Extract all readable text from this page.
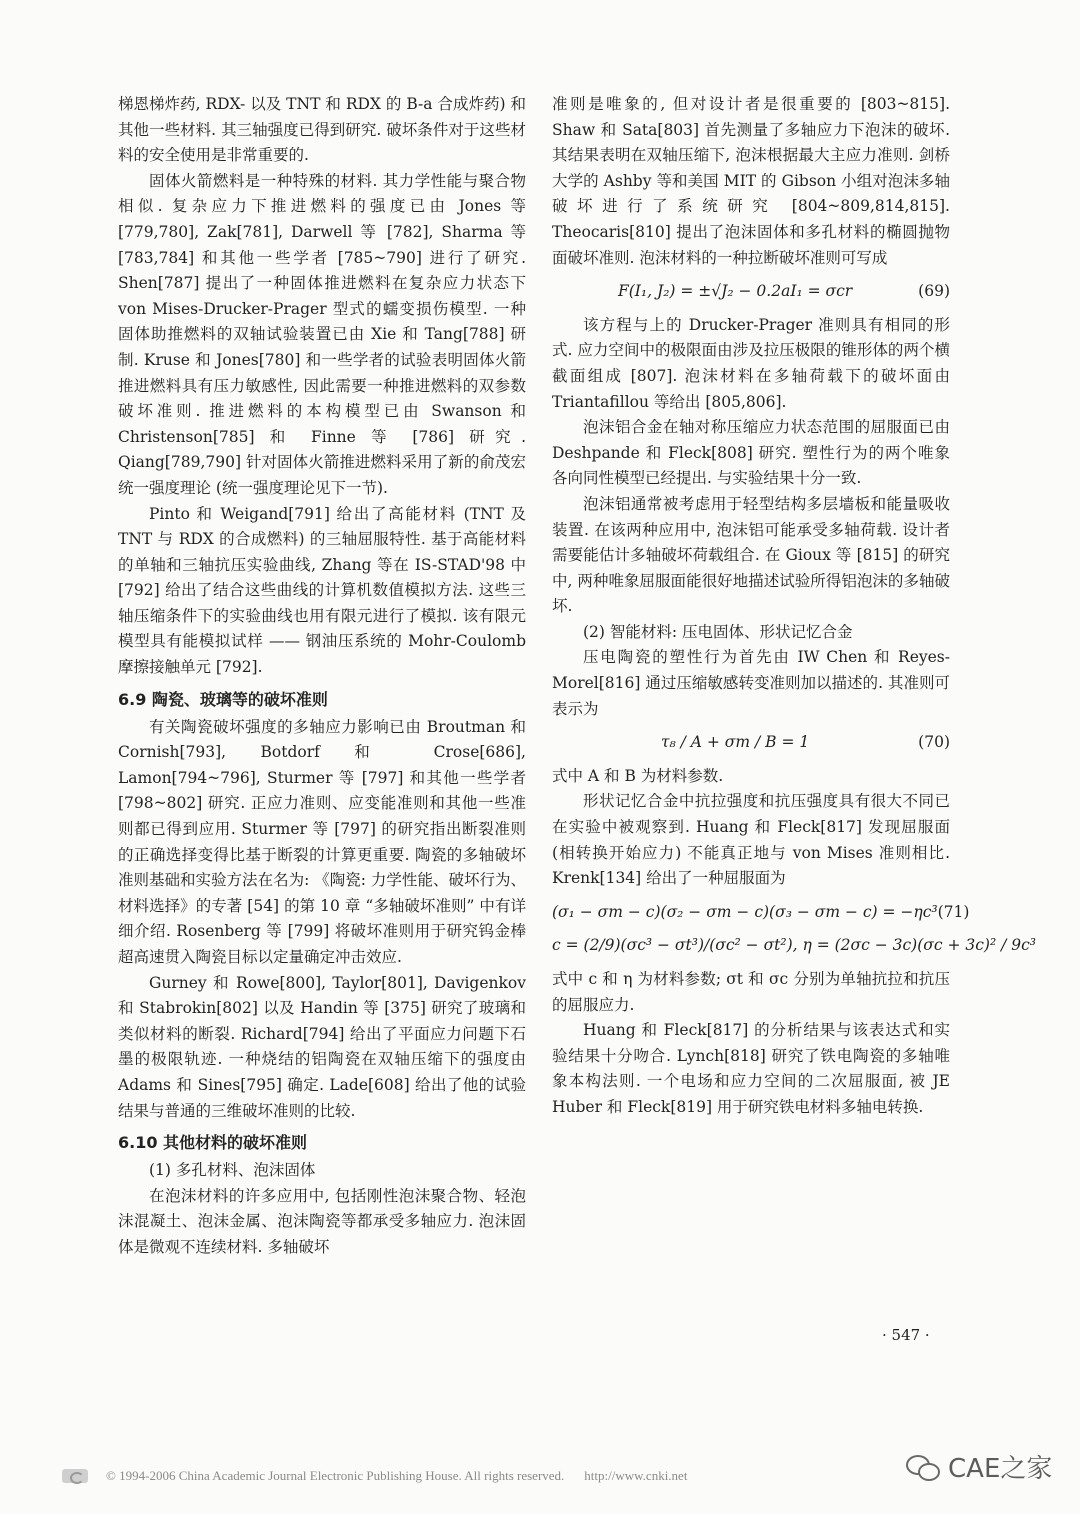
梯恩梯炸药, RDX- 以及 TNT 和 RDX 的 B-a 合成炸药) 和其他一些材料. 其三轴强度已得到研究. 破坏条件对于这些材料的安全使用是非常重要的.

固体火箭燃料是一种特殊的材料. 其力学性能与聚合物相似. 复杂应力下推进燃料的强度已由 Jones 等 [779,780], Zak[781], Darwell 等 [782], Sharma 等 [783,784] 和其他一些学者 [785~790] 进行了研究. Shen[787] 提出了一种固体推进燃料在复杂应力状态下 von Mises-Drucker-Prager 型式的蠕变损伤模型. 一种固体助推燃料的双轴试验装置已由 Xie 和 Tang[788] 研制. Kruse 和 Jones[780] 和一些学者的试验表明固体火箭推进燃料具有压力敏感性, 因此需要一种推进燃料的双参数破坏准则. 推进燃料的本构模型已由 Swanson 和 Christenson[785] 和 Finne 等 [786] 研究. Qiang[789,790] 针对固体火箭推进燃料采用了新的俞茂宏统一强度理论 (统一强度理论见下一节).

Pinto 和 Weigand[791] 给出了高能材料 (TNT 及 TNT 与 RDX 的合成燃料) 的三轴屈服特性. 基于高能材料的单轴和三轴抗压实验曲线, Zhang 等在 IS-STAD'98 中 [792] 给出了结合这些曲线的计算机数值模拟方法. 这些三轴压缩条件下的实验曲线也用有限元进行了模拟. 该有限元模型具有能模拟试样 —— 钢油压系统的 Mohr-Coulomb 摩擦接触单元 [792].

6.9 陶瓷、玻璃等的破坏准则

有关陶瓷破坏强度的多轴应力影响已由 Broutman 和 Cornish[793], Botdorf 和 Crose[686], Lamon[794~796], Sturmer 等 [797] 和其他一些学者 [798~802] 研究. 正应力准则、应变能准则和其他一些准则都已得到应用. Sturmer 等 [797] 的研究指出断裂准则的正确选择变得比基于断裂的计算更重要. 陶瓷的多轴破坏准则基础和实验方法在名为: 《陶瓷: 力学性能、破坏行为、材料选择》的专著 [54] 的第 10 章 “多轴破坏准则” 中有详细介绍. Rosenberg 等 [799] 将破坏准则用于研究钨金棒超高速贯入陶瓷目标以定量确定冲击效应.

Gurney 和 Rowe[800], Taylor[801], Davigenkov 和 Stabrokin[802] 以及 Handin 等 [375] 研究了玻璃和类似材料的断裂. Richard[794] 给出了平面应力问题下石墨的极限轨迹. 一种烧结的铝陶瓷在双轴压缩下的强度由 Adams 和 Sines[795] 确定. Lade[608] 给出了他的试验结果与普通的三维破坏准则的比较.

6.10 其他材料的破坏准则

(1) 多孔材料、泡沫固体

在泡沫材料的许多应用中, 包括刚性泡沫聚合物、轻泡沫混凝土、泡沫金属、泡沫陶瓷等都承受多轴应力. 泡沫固体是微观不连续材料. 多轴破坏

准则是唯象的, 但对设计者是很重要的 [803~815]. Shaw 和 Sata[803] 首先测量了多轴应力下泡沫的破坏. 其结果表明在双轴压缩下, 泡沫根据最大主应力准则. 剑桥大学的 Ashby 等和美国 MIT 的 Gibson 小组对泡沫多轴破坏进行了系统研究 [804~809,814,815]. Theocaris[810] 提出了泡沫固体和多孔材料的椭圆抛物面破坏准则. 泡沫材料的一种拉断破坏准则可写成

F(I₁, J₂) = ±√J₂ − 0.2aI₁ = σcr	(69)

该方程与上的 Drucker-Prager 准则具有相同的形式. 应力空间中的极限面由涉及拉压极限的锥形体的两个横截面组成 [807]. 泡沫材料在多轴荷载下的破坏面由 Triantafillou 等给出 [805,806].

泡沫铝合金在轴对称压缩应力状态范围的屈服面已由 Deshpande 和 Fleck[808] 研究. 塑性行为的两个唯象各向同性模型已经提出. 与实验结果十分一致.

泡沫铝通常被考虑用于轻型结构多层墙板和能量吸收装置. 在该两种应用中, 泡沫铝可能承受多轴荷载. 设计者需要能估计多轴破坏荷载组合. 在 Gioux 等 [815] 的研究中, 两种唯象屈服面能很好地描述试验所得铝泡沫的多轴破坏.

(2) 智能材料: 压电固体、形状记忆合金

压电陶瓷的塑性行为首先由 IW Chen 和 Reyes-Morel[816] 通过压缩敏感转变准则加以描述的. 其准则可表示为

τ₈ / A + σm / B = 1	(70)

式中 A 和 B 为材料参数.

形状记忆合金中抗拉强度和抗压强度具有很大不同已在实验中被观察到. Huang 和 Fleck[817] 发现屈服面 (相转换开始应力) 不能真正地与 von Mises 准则相比. Krenk[134] 给出了一种屈服面为

(σ₁ − σm − c)(σ₂ − σm − c)(σ₃ − σm − c) = −ηc³ (71)
c = (2/9)(σc³ − σt³)/(σc² − σt²), η = (2σc − 3c)(σc + 3c)² / 9c³

式中 c 和 η 为材料参数; σt 和 σc 分别为单轴抗拉和抗压的屈服应力.

Huang 和 Fleck[817] 的分析结果与该表达式和实验结果十分吻合. Lynch[818] 研究了铁电陶瓷的多轴唯象本构法则. 一个电场和应力空间的二次屈服面, 被 JE Huber 和 Fleck[819] 用于研究铁电材料多轴电转换.

· 547 ·
© 1994-2006 China Academic Journal Electronic Publishing House. All rights reserved. http://www.cnki.net	CAE之家
